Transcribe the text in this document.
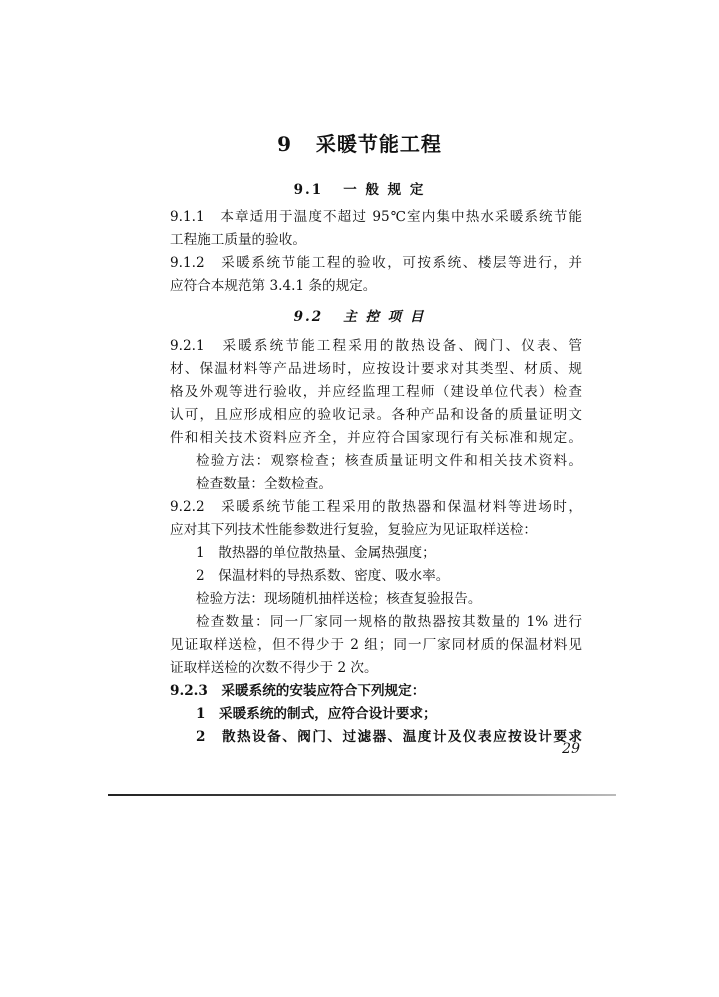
9 采暖节能工程
9.1 一 般 规 定
9.1.1　本章适用于温度不超过 95℃室内集中热水采暖系统节能
工程施工质量的验收。
9.1.2　采暖系统节能工程的验收，可按系统、楼层等进行，并
应符合本规范第 3.4.1 条的规定。
9.2 主 控 项 目
9.2.1　采暖系统节能工程采用的散热设备、阀门、仪表、管
材、保温材料等产品进场时，应按设计要求对其类型、材质、规
格及外观等进行验收，并应经监理工程师（建设单位代表）检查
认可，且应形成相应的验收记录。各种产品和设备的质量证明文
件和相关技术资料应齐全，并应符合国家现行有关标准和规定。
检验方法：观察检查；核查质量证明文件和相关技术资料。
检查数量：全数检查。
9.2.2　采暖系统节能工程采用的散热器和保温材料等进场时，
应对其下列技术性能参数进行复验，复验应为见证取样送检：
1　散热器的单位散热量、金属热强度；
2　保温材料的导热系数、密度、吸水率。
检验方法：现场随机抽样送检；核查复验报告。
检查数量：同一厂家同一规格的散热器按其数量的 1% 进行
见证取样送检，但不得少于 2 组；同一厂家同材质的保温材料见
证取样送检的次数不得少于 2 次。
9.2.3　采暖系统的安装应符合下列规定：
1　采暖系统的制式，应符合设计要求；
2　散热设备、阀门、过滤器、温度计及仪表应按设计要求
29
